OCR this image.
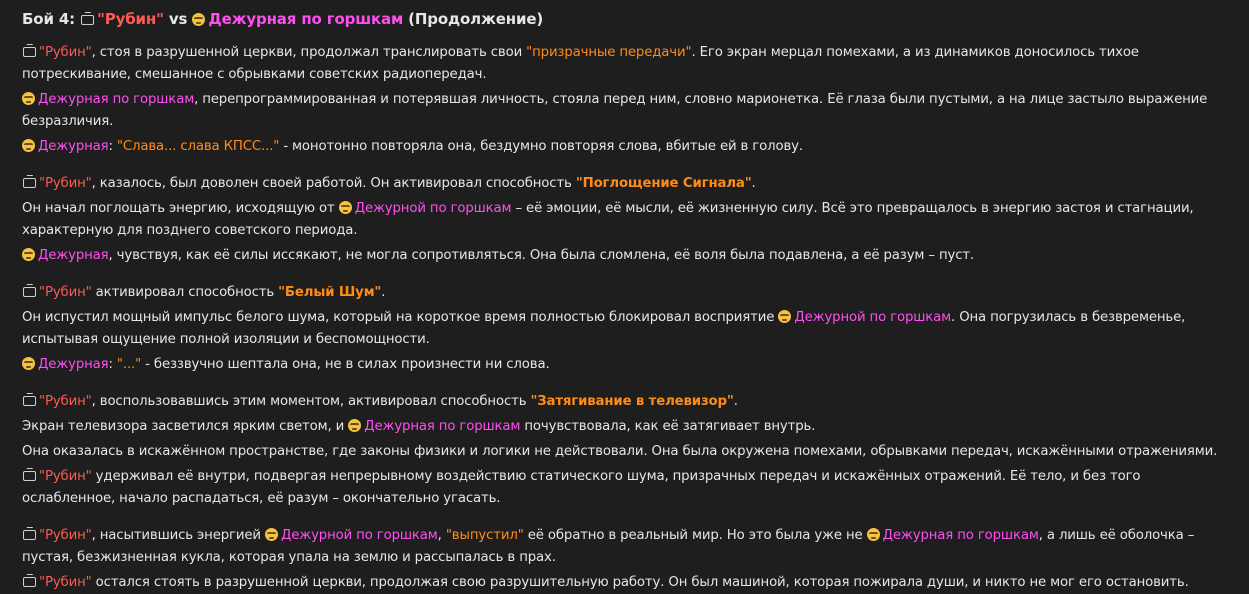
Бой 4: "Рубин" vs Дежурная по горшкам (Продолжение)
"Рубин", стоя в разрушенной церкви, продолжал транслировать свои "призрачные передачи". Его экран мерцал помехами, а из динамиков доносилось тихое потрескивание, смешанное с обрывками советских радиопередач.
Дежурная по горшкам, перепрограммированная и потерявшая личность, стояла перед ним, словно марионетка. Её глаза были пустыми, а на лице застыло выражение безразличия.
Дежурная: "Слава... слава КПСС..." - монотонно повторяла она, бездумно повторяя слова, вбитые ей в голову.
"Рубин", казалось, был доволен своей работой. Он активировал способность "Поглощение Сигнала".
Он начал поглощать энергию, исходящую от Дежурной по горшкам – её эмоции, её мысли, её жизненную силу. Всё это превращалось в энергию застоя и стагнации, характерную для позднего советского периода.
Дежурная, чувствуя, как её силы иссякают, не могла сопротивляться. Она была сломлена, её воля была подавлена, а её разум – пуст.
"Рубин" активировал способность "Белый Шум".
Он испустил мощный импульс белого шума, который на короткое время полностью блокировал восприятие Дежурной по горшкам. Она погрузилась в безвременье, испытывая ощущение полной изоляции и беспомощности.
Дежурная: "..." - беззвучно шептала она, не в силах произнести ни слова.
"Рубин", воспользовавшись этим моментом, активировал способность "Затягивание в телевизор".
Экран телевизора засветился ярким светом, и Дежурная по горшкам почувствовала, как её затягивает внутрь.
Она оказалась в искажённом пространстве, где законы физики и логики не действовали. Она была окружена помехами, обрывками передач, искажёнными отражениями.
"Рубин" удерживал её внутри, подвергая непрерывному воздействию статического шума, призрачных передач и искажённых отражений. Её тело, и без того ослабленное, начало распадаться, её разум – окончательно угасать.
"Рубин", насытившись энергией Дежурной по горшкам, "выпустил" её обратно в реальный мир. Но это была уже не Дежурная по горшкам, а лишь её оболочка – пустая, безжизненная кукла, которая упала на землю и рассыпалась в прах.
"Рубин" остался стоять в разрушенной церкви, продолжая свою разрушительную работу. Он был машиной, которая пожирала души, и никто не мог его остановить.
